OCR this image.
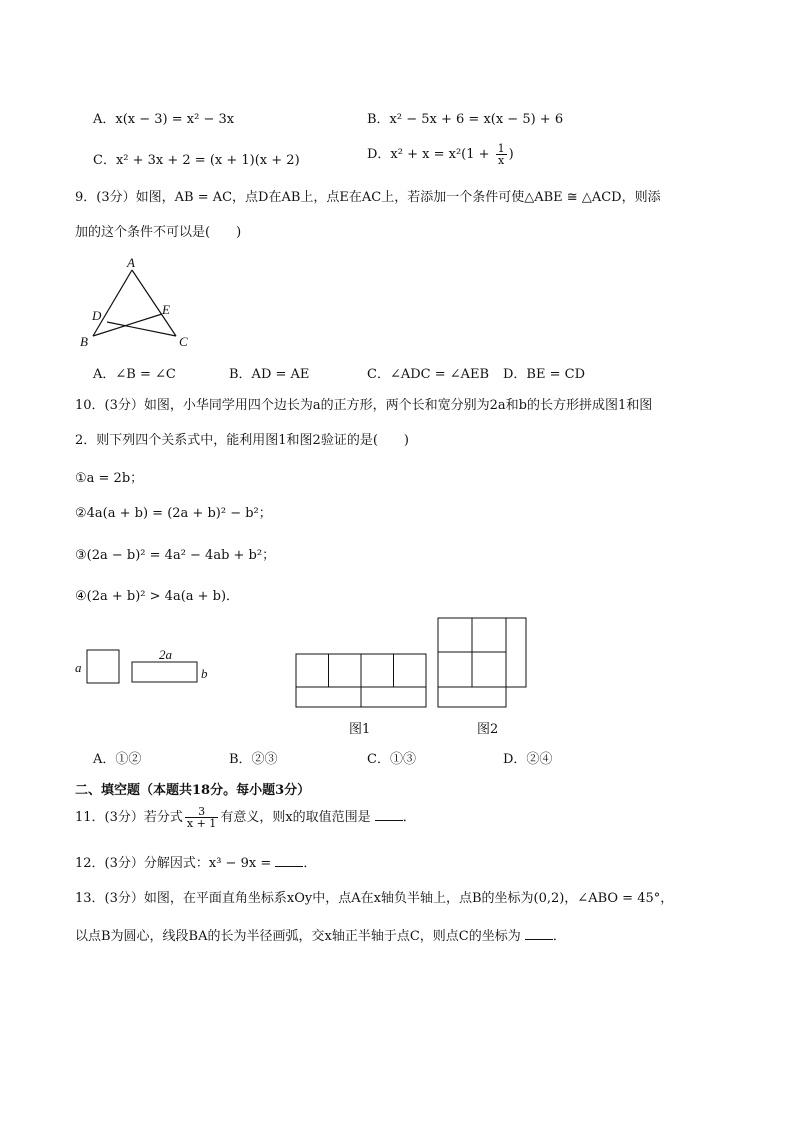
A．x(x − 3) = x² − 3x	B．x² − 5x + 6 = x(x − 5) + 6
C．x² + 3x + 2 = (x + 1)(x + 2)	D．$x^2 + x = x^2(1 + \frac{1}{x}$ )
9．(3分）如图，AB = AC，点D在AB上，点E在AC上，若添加一个条件可使△ABE ≅ △ACD，则添
加的这个条件不可以是(　　)
A
B	C
D	E
A．∠B = ∠C	B．AD = AE	C．∠ADC = ∠AEB D．BE = CD
10．(3分）如图，小华同学用四个边长为a的正方形，两个长和宽分别为2a和b的长方形拼成图1和图
2．则下列四个关系式中，能利用图1和图2验证的是(　　)
①a = 2b；
②4a(a + b) = (2a + b)² − b²；
③(2a − b)² = 4a² − 4ab + b²；
④(2a + b)² > 4a(a + b)．
a
2a
b
图1	图2
A．①②	B．②③	C．①③	D．②④
二、填空题（本题共18分。每小题3分）
11．(3分）若分式 $\frac{3}{x + 1}$ 有意义，则x的取值范围是 ．
12．(3分）分解因式：x³ − 9x = ．
13．(3分）如图，在平面直角坐标系xOy中，点A在x轴负半轴上，点B的坐标为(0,2)，∠ABO = 45°，
以点B为圆心，线段BA的长为半径画弧，交x轴正半轴于点C，则点C的坐标为 ．
